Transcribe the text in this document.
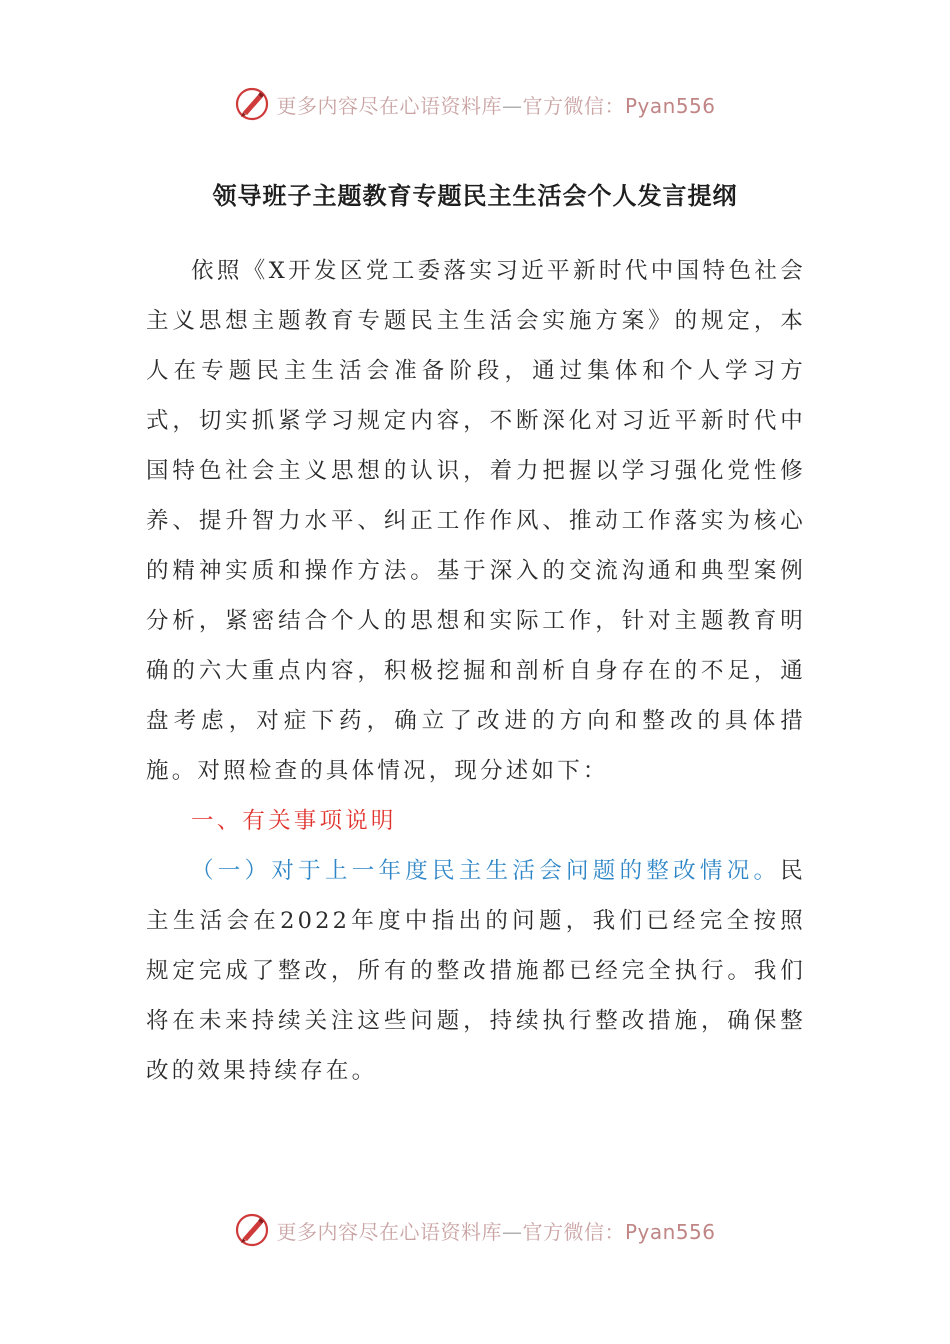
更多内容尽在心语资料库—官方微信：Pyan556
领导班子主题教育专题民主生活会个人发言提纲

依照《X开发区党工委落实习近平新时代中国特色社会主义思想主题教育专题民主生活会实施方案》的规定，本人在专题民主生活会准备阶段，通过集体和个人学习方式，切实抓紧学习规定内容，不断深化对习近平新时代中国特色社会主义思想的认识，着力把握以学习强化党性修养、提升智力水平、纠正工作作风、推动工作落实为核心的精神实质和操作方法。基于深入的交流沟通和典型案例分析，紧密结合个人的思想和实际工作，针对主题教育明确的六大重点内容，积极挖掘和剖析自身存在的不足，通盘考虑，对症下药，确立了改进的方向和整改的具体措施。对照检查的具体情况，现分述如下：

一、有关事项说明

（一）对于上一年度民主生活会问题的整改情况。民主生活会在2022年度中指出的问题，我们已经完全按照规定完成了整改，所有的整改措施都已经完全执行。我们将在未来持续关注这些问题，持续执行整改措施，确保整改的效果持续存在。

更多内容尽在心语资料库—官方微信：Pyan556
